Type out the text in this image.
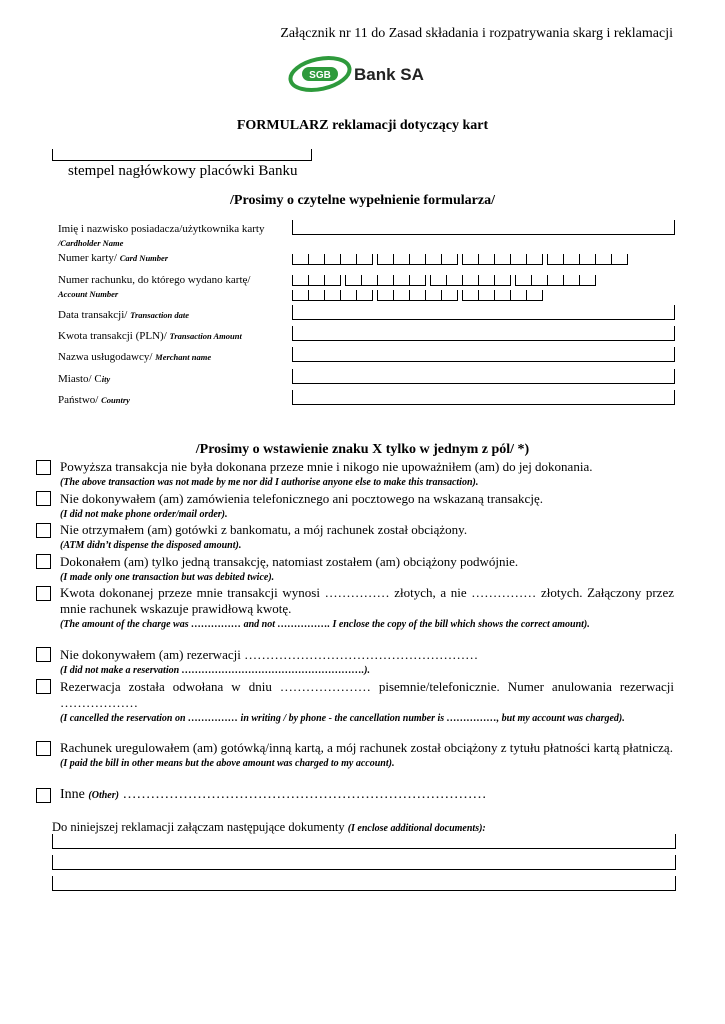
Załącznik nr 11 do Zasad składania i rozpatrywania skarg i reklamacji
SGB Bank SA
FORMULARZ reklamacji dotyczący kart
stempel nagłówkowy placówki Banku
/Prosimy o czytelne wypełnienie formularza/
Imię i nazwisko posiadacza/użytkownika karty
/Cardholder Name
Numer karty/ Card Number
Numer rachunku, do którego wydano kartę/
Account Number
Data transakcji/ Transaction date
Kwota transakcji (PLN)/ Transaction Amount
Nazwa usługodawcy/ Merchant name
Miasto/ City
Państwo/ Country
/Prosimy o wstawienie znaku X tylko w jednym z pól/ *)
Powyższa transakcja nie była dokonana przeze mnie i nikogo nie upoważniłem (am) do jej dokonania.
(The above transaction was not made by me nor did I authorise anyone else to make this transaction).
Nie dokonywałem (am) zamówienia telefonicznego ani pocztowego na wskazaną transakcję.
(I did not make phone order/mail order).
Nie otrzymałem (am) gotówki z bankomatu, a mój rachunek został obciążony.
(ATM didn’t dispense the disposed amount).
Dokonałem (am) tylko jedną transakcję, natomiast zostałem (am) obciążony podwójnie.
(I made only one transaction but was debited twice).
Kwota dokonanej przeze mnie transakcji wynosi …………… złotych, a nie …………… złotych. Załączony przez mnie rachunek wskazuje prawidłową kwotę.
(The amount of the charge was …………… and not ……………. I enclose the copy of the bill which shows the correct amount).
Nie dokonywałem (am) rezerwacji ………………………………………………
(I did not make a reservation ……………………………………………….).
Rezerwacja została odwołana w dniu ………………… pisemnie/telefonicznie. Numer anulowania rezerwacji ………………
(I cancelled the reservation on …………… in writing / by phone - the cancellation number is ……………, but my account was charged).
Rachunek uregulowałem (am) gotówką/inną kartą, a mój rachunek został obciążony z tytułu płatności kartą płatniczą.
(I paid the bill in other means but the above amount was charged to my account).
Inne (Other) ……………………………………………………………………
Do niniejszej reklamacji załączam następujące dokumenty (I enclose additional documents):
